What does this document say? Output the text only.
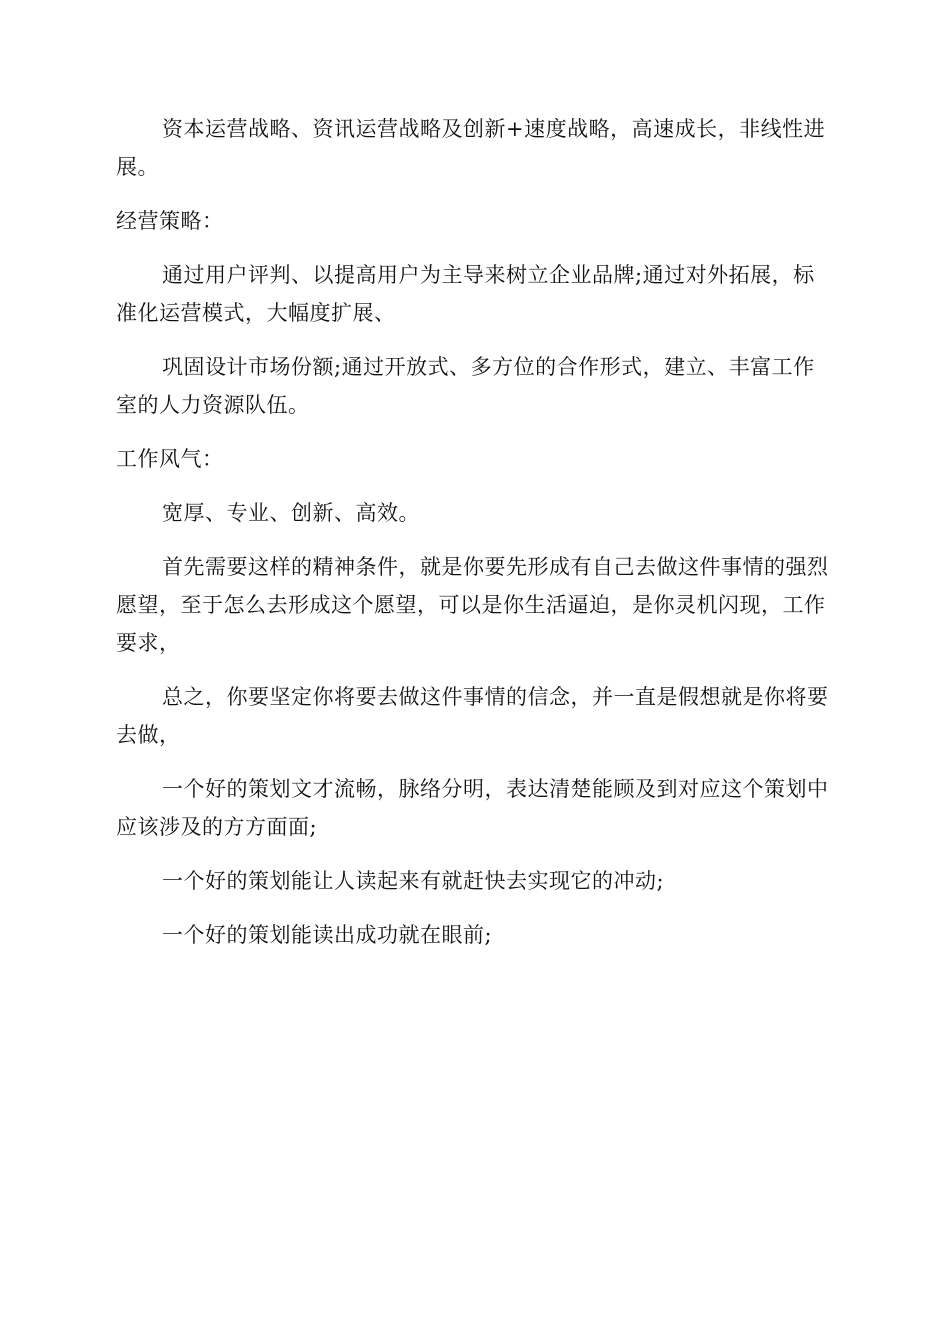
资本运营战略、资讯运营战略及创新+速度战略，高速成长，非线性进展。

经营策略：

通过用户评判、以提高用户为主导来树立企业品牌;通过对外拓展，标准化运营模式，大幅度扩展、

巩固设计市场份额;通过开放式、多方位的合作形式，建立、丰富工作室的人力资源队伍。

工作风气：

宽厚、专业、创新、高效。

首先需要这样的精神条件，就是你要先形成有自己去做这件事情的强烈愿望，至于怎么去形成这个愿望，可以是你生活逼迫，是你灵机闪现，工作要求，

总之，你要坚定你将要去做这件事情的信念，并一直是假想就是你将要去做，

一个好的策划文才流畅，脉络分明，表达清楚能顾及到对应这个策划中应该涉及的方方面面;

一个好的策划能让人读起来有就赶快去实现它的冲动;

一个好的策划能读出成功就在眼前;
